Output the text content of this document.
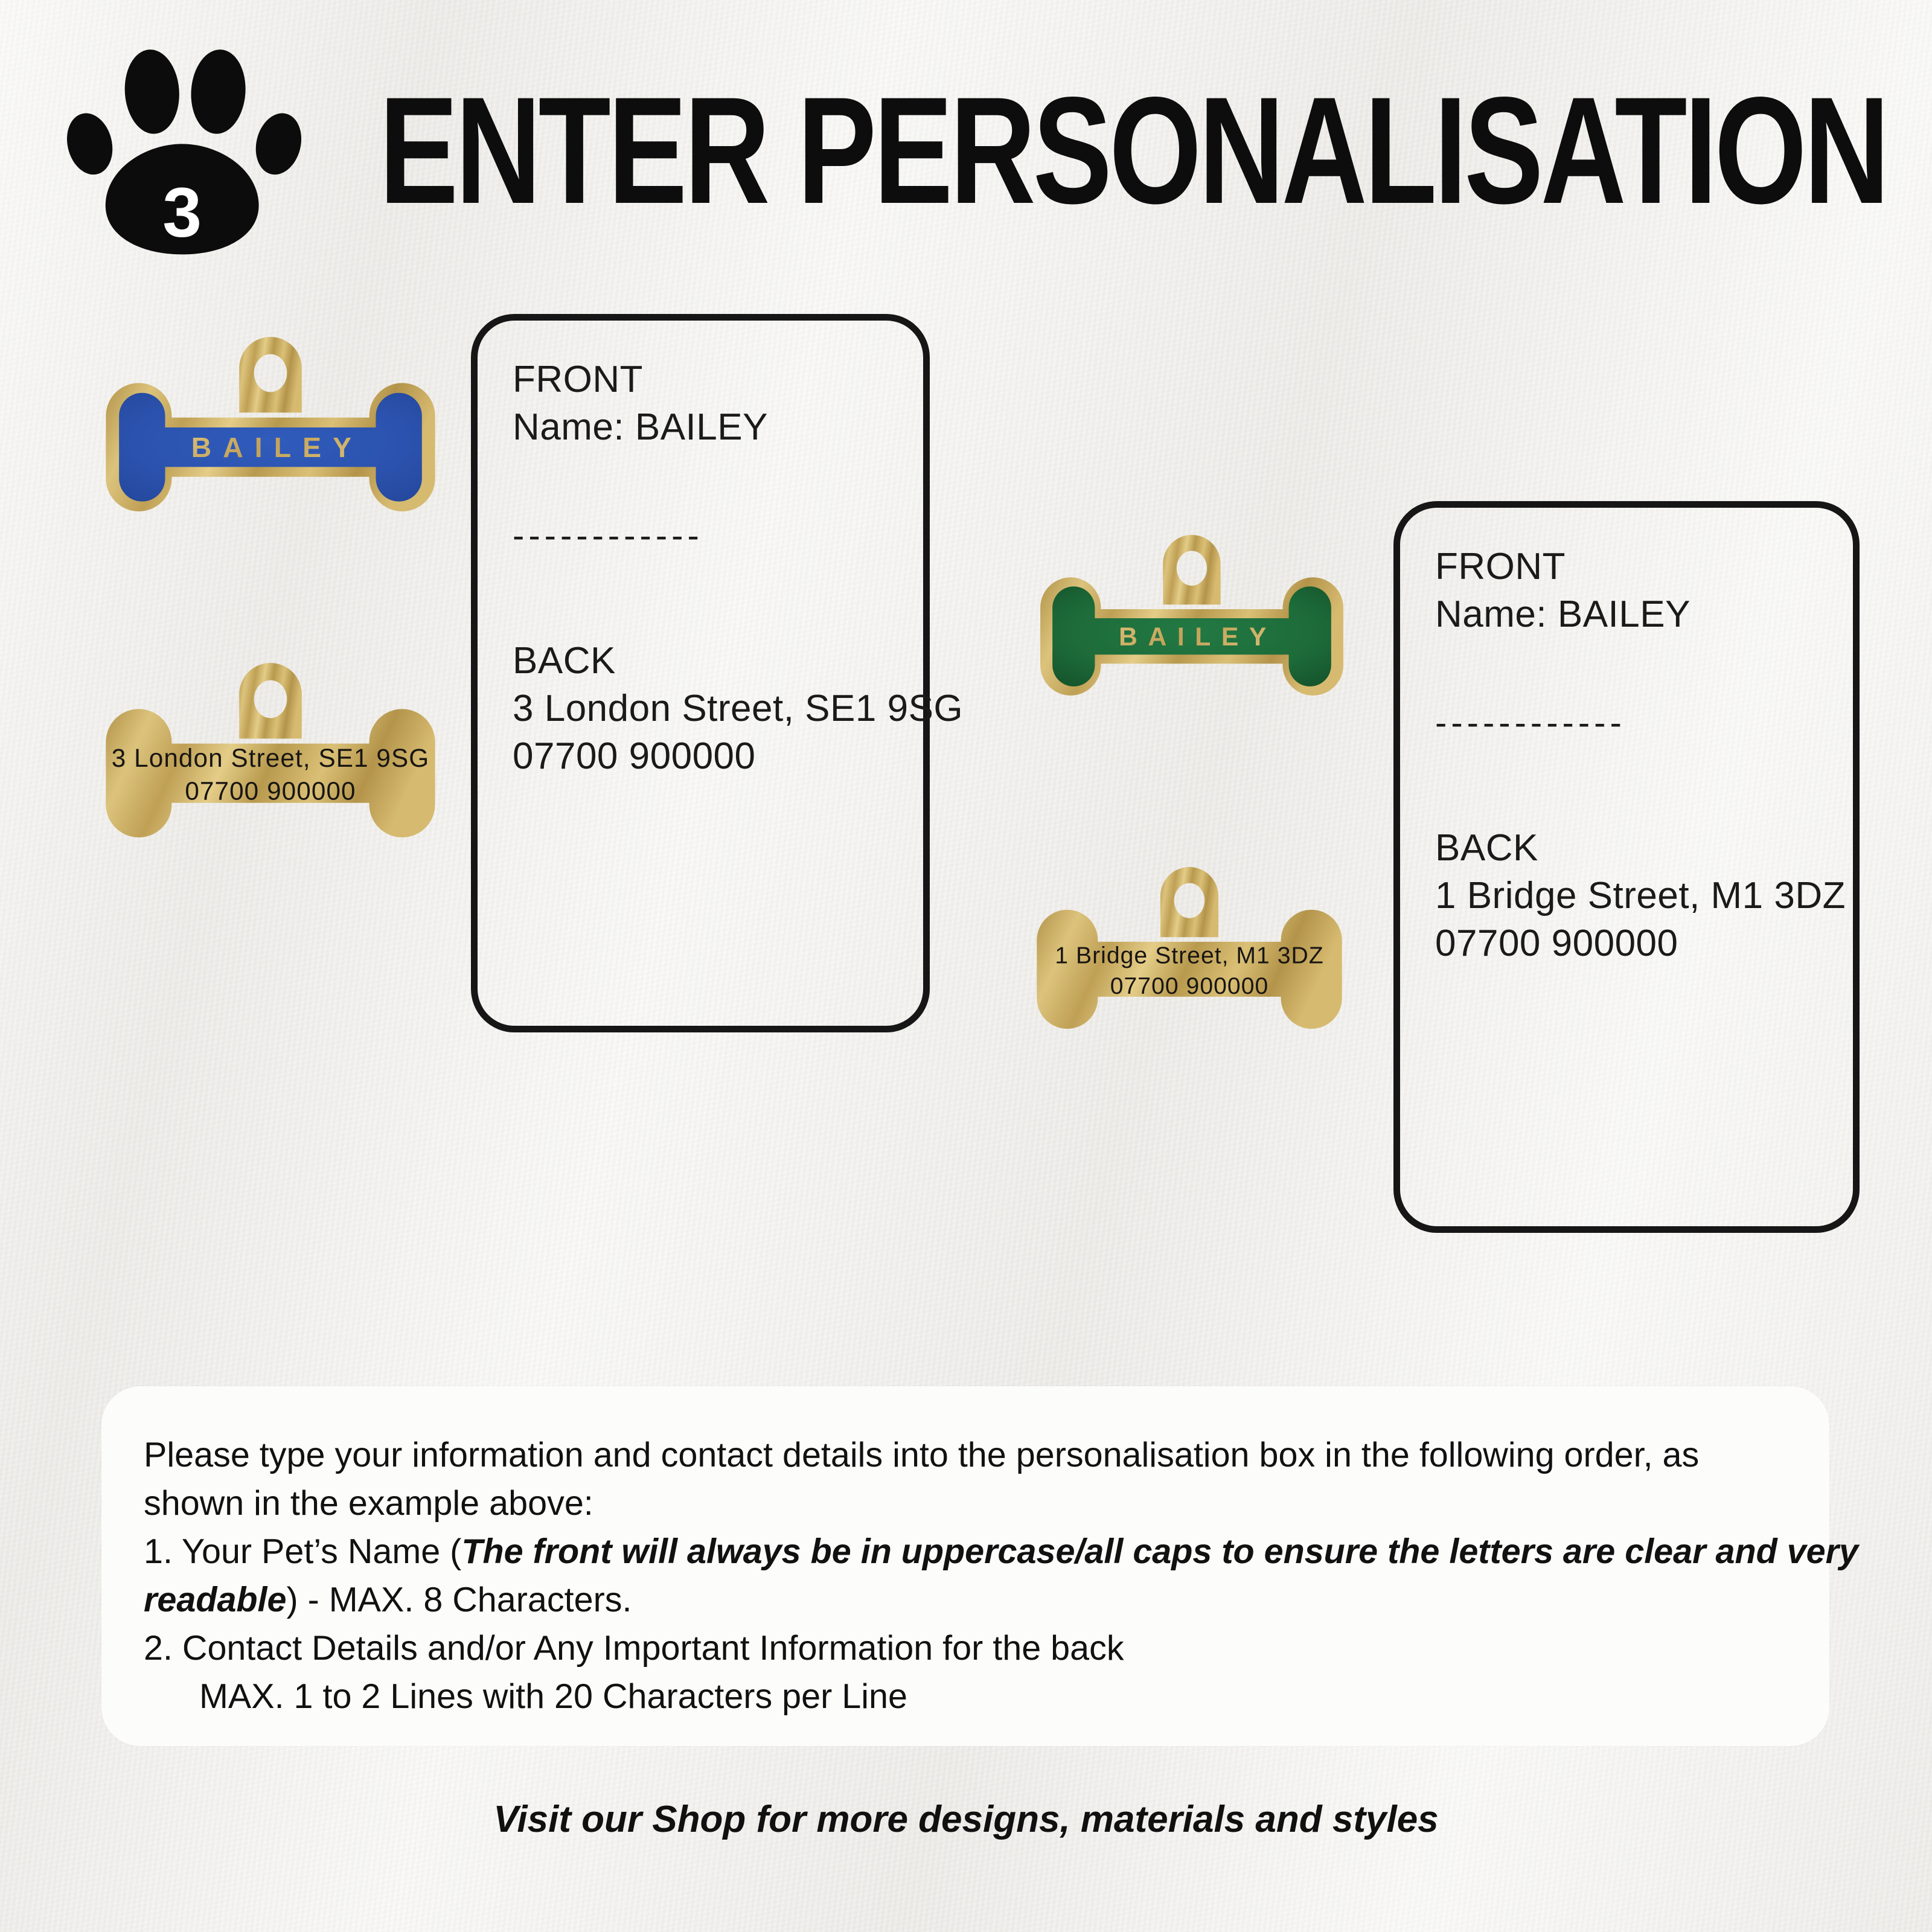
3 ENTER PERSONALISATION
BAILEY
FRONT
Name: BAILEY
------------
BACK
3 London Street, SE1 9SG
07700 900000
3 London Street, SE1 9SG
07700 900000
BAILEY
FRONT
Name: BAILEY
------------
BACK
1 Bridge Street, M1 3DZ
07700 900000
1 Bridge Street, M1 3DZ
07700 900000
Please type your information and contact details into the personalisation box in the following order, as
shown in the example above:
1. Your Pet’s Name (The front will always be in uppercase/all caps to ensure the letters are clear and very
readable) - MAX. 8 Characters.
2. Contact Details and/or Any Important Information for the back
MAX. 1 to 2 Lines with 20 Characters per Line
Visit our Shop for more designs, materials and styles
